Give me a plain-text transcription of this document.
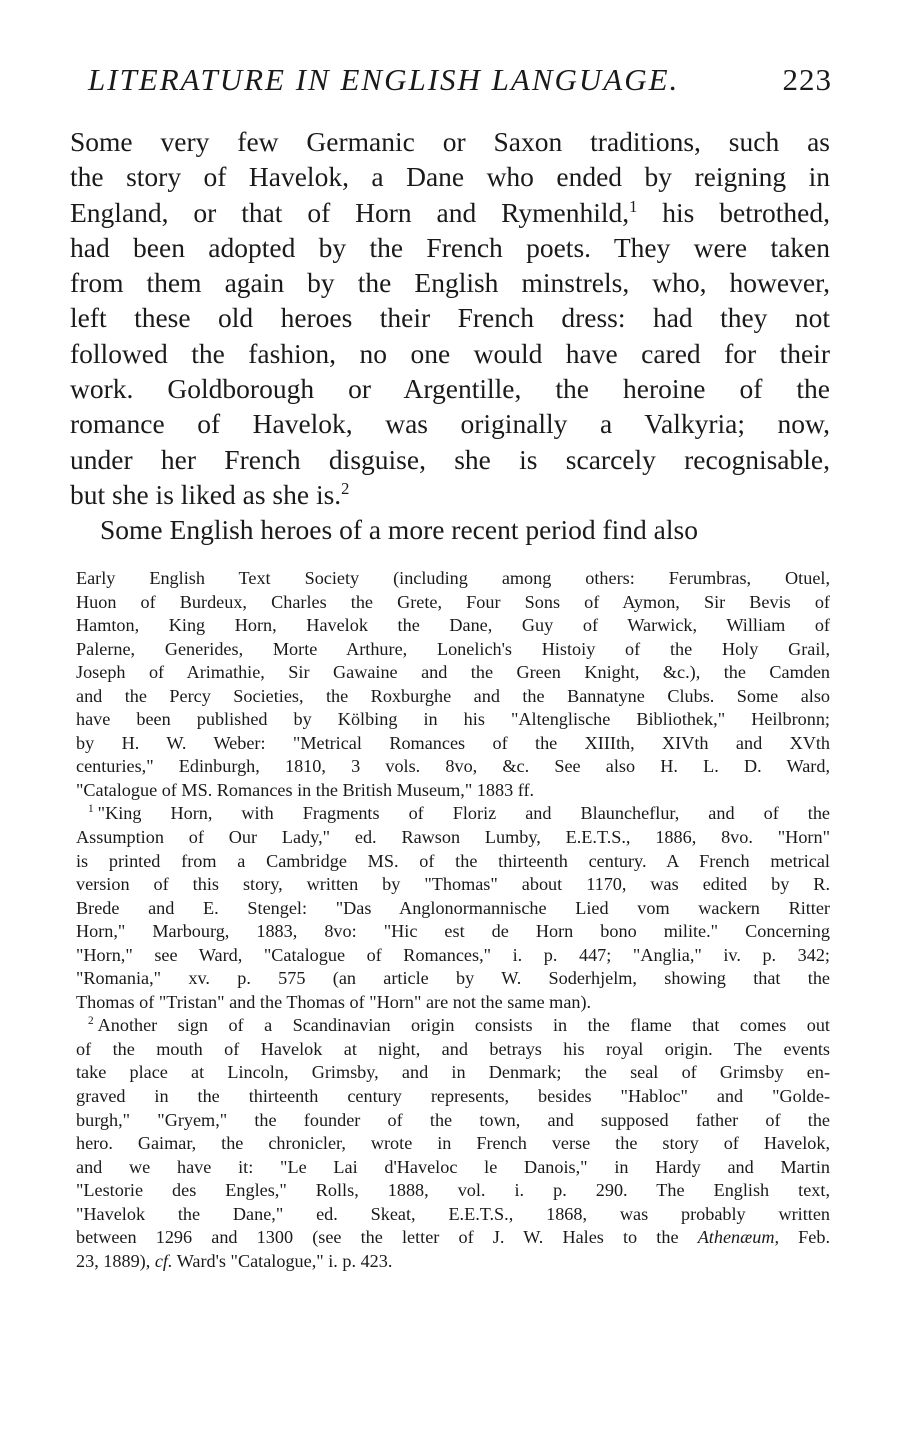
LITERATURE IN ENGLISH LANGUAGE.	223
Some very few Germanic or Saxon traditions, such as
the story of Havelok, a Dane who ended by reigning in
England, or that of Horn and Rymenhild,$^1$ his betrothed,
had been adopted by the French poets. They were taken
from them again by the English minstrels, who, however,
left these old heroes their French dress: had they not
followed the fashion, no one would have cared for their
work. Goldborough or Argentille, the heroine of the
romance of Havelok, was originally a Valkyria; now,
under her French disguise, she is scarcely recognisable,
but she is liked as she is.$^2$
Some English heroes of a more recent period find also
Early English Text Society (including among others: Ferumbras, Otuel,
Huon of Burdeux, Charles the Grete, Four Sons of Aymon, Sir Bevis of
Hamton, King Horn, Havelok the Dane, Guy of Warwick, William of
Palerne, Generides, Morte Arthure, Lonelich's Histoiy of the Holy Grail,
Joseph of Arimathie, Sir Gawaine and the Green Knight, &c.), the Camden
and the Percy Societies, the Roxburghe and the Bannatyne Clubs. Some also
have been published by Kölbing in his "Altenglische Bibliothek," Heilbronn;
by H. W. Weber: "Metrical Romances of the XIIIth, XIVth and XVth
centuries," Edinburgh, 1810, 3 vols. 8vo, &c. See also H. L. D. Ward,
"Catalogue of MS. Romances in the British Museum," 1883 ff.
$^1$ "King Horn, with Fragments of Floriz and Blauncheflur, and of the
Assumption of Our Lady," ed. Rawson Lumby, E.E.T.S., 1886, 8vo. "Horn"
is printed from a Cambridge MS. of the thirteenth century. A French metrical
version of this story, written by "Thomas" about 1170, was edited by R.
Brede and E. Stengel: "Das Anglonormannische Lied vom wackern Ritter
Horn," Marbourg, 1883, 8vo: "Hic est de Horn bono milite." Concerning
"Horn," see Ward, "Catalogue of Romances," i. p. 447; "Anglia," iv. p. 342;
"Romania," xv. p. 575 (an article by W. Soderhjelm, showing that the
Thomas of "Tristan" and the Thomas of "Horn" are not the same man).
$^2$ Another sign of a Scandinavian origin consists in the flame that comes out
of the mouth of Havelok at night, and betrays his royal origin. The events
take place at Lincoln, Grimsby, and in Denmark; the seal of Grimsby en-
graved in the thirteenth century represents, besides "Habloc" and "Golde-
burgh," "Gryem," the founder of the town, and supposed father of the
hero. Gaimar, the chronicler, wrote in French verse the story of Havelok,
and we have it: "Le Lai d'Haveloc le Danois," in Hardy and Martin
"Lestorie des Engles," Rolls, 1888, vol. i. p. 290. The English text,
"Havelok the Dane," ed. Skeat, E.E.T.S., 1868, was probably written
between 1296 and 1300 (see the letter of J. W. Hales to the Athenæum, Feb.
23, 1889), cf. Ward's "Catalogue," i. p. 423.
